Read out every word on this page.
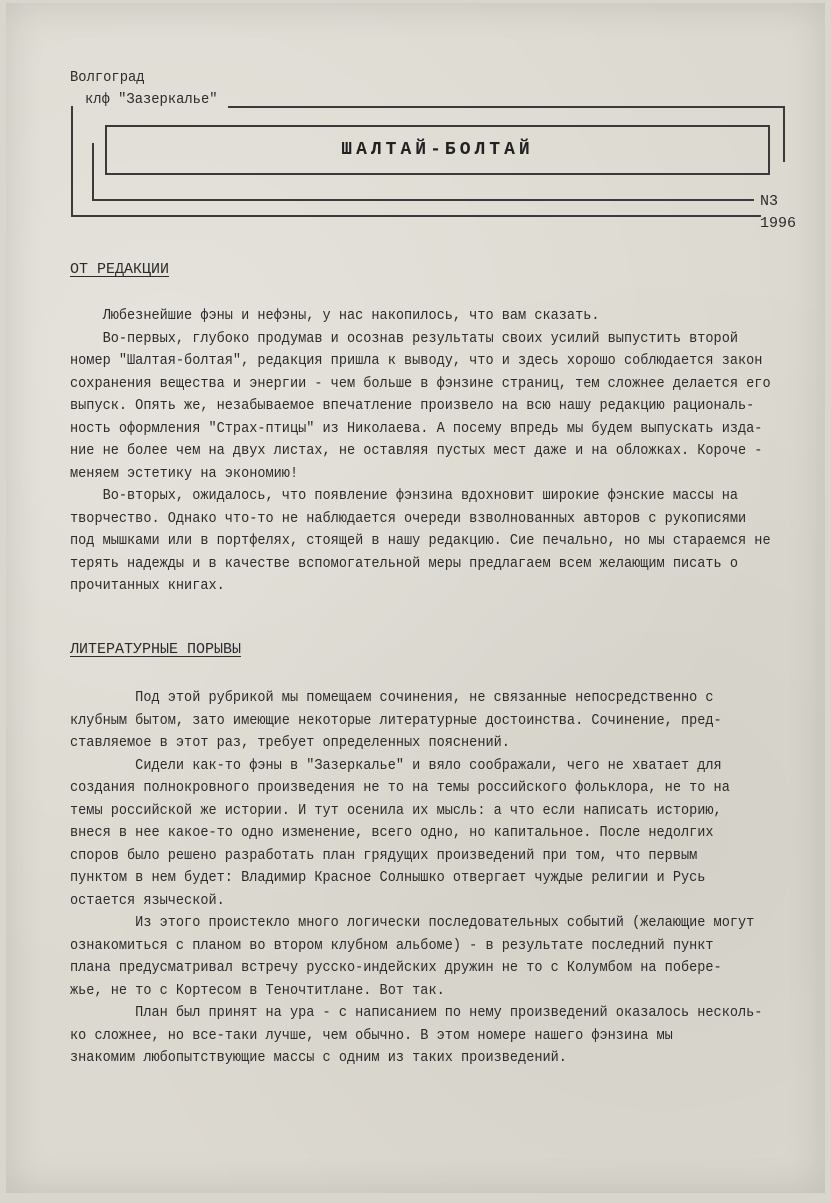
Волгоград
клф "Зазеркалье"
ШАЛТАЙ-БОЛТАЙ
N3
1996
ОТ РЕДАКЦИИ
Любезнейшие фэны и нефэны, у нас накопилось, что вам сказать.
Во-первых, глубоко продумав и осознав результаты своих усилий выпустить второй
номер "Шалтая-болтая", редакция пришла к выводу, что и здесь хорошо соблюдается закон
сохранения вещества и энергии - чем больше в фэнзине страниц, тем сложнее делается его
выпуск. Опять же, незабываемое впечатление произвело на всю нашу редакцию рациональ-
ность оформления "Страх-птицы" из Николаева. А посему впредь мы будем выпускать изда-
ние не более чем на двух листах, не оставляя пустых мест даже и на обложках. Короче -
меняем эстетику на экономию!
Во-вторых, ожидалось, что появление фэнзина вдохновит широкие фэнские массы на
творчество. Однако что-то не наблюдается очереди взволнованных авторов с рукописями
под мышками или в портфелях, стоящей в нашу редакцию. Сие печально, но мы стараемся не
терять надежды и в качестве вспомогательной меры предлагаем всем желающим писать о
прочитанных книгах.
ЛИТЕРАТУРНЫЕ ПОРЫВЫ
Под этой рубрикой мы помещаем сочинения, не связанные непосредственно с
клубным бытом, зато имеющие некоторые литературные достоинства. Сочинение, пред-
ставляемое в этот раз, требует определенных пояснений.
Сидели как-то фэны в "Зазеркалье" и вяло соображали, чего не хватает для
создания полнокровного произведения не то на темы российского фольклора, не то на
темы российской же истории. И тут осенила их мысль: а что если написать историю,
внеся в нее какое-то одно изменение, всего одно, но капитальное. После недолгих
споров было решено разработать план грядущих произведений при том, что первым
пунктом в нем будет: Владимир Красное Солнышко отвергает чуждые религии и Русь
остается языческой.
Из этого проистекло много логически последовательных событий (желающие могут
ознакомиться с планом во втором клубном альбоме) - в результате последний пункт
плана предусматривал встречу русско-индейских дружин не то с Колумбом на побере-
жье, не то с Кортесом в Теночтитлане. Вот так.
План был принят на ура - с написанием по нему произведений оказалось несколь-
ко сложнее, но все-таки лучше, чем обычно. В этом номере нашего фэнзина мы
знакомим любопытствующие массы с одним из таких произведений.
